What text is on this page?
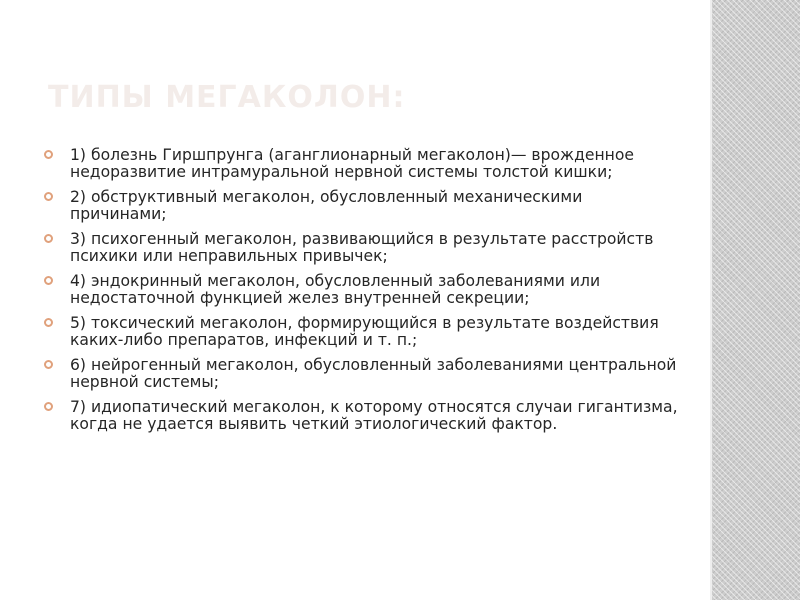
ТИПЫ МЕГАКОЛОН:
1) болезнь Гиршпрунга (аганглионарный мегаколон)— врожденное недоразвитие интрамуральной нервной системы толстой кишки;
2) обструктивный мегаколон, обусловленный механическими причинами;
3) психогенный мегаколон, развивающийся в результате расстройств психики или неправильных привычек;
4) эндокринный мегаколон, обусловленный заболеваниями или недостаточной функцией желез внутренней секреции;
5) токсический мегаколон, формирующийся в результате воздействия каких-либо препаратов, инфекций и т. п.;
6) нейрогенный мегаколон, обусловленный заболеваниями центральной нервной системы;
7) идиопатический мегаколон, к которому относятся случаи гигантизма, когда не удается выявить четкий этиологический фактор.
